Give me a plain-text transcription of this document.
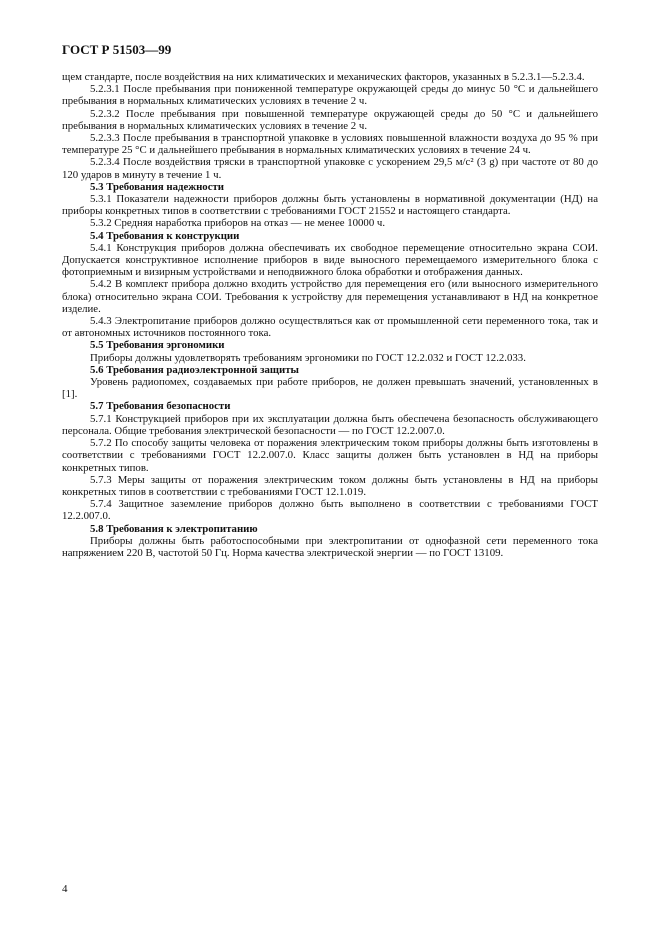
ГОСТ Р 51503—99

щем стандарте, после воздействия на них климатических и механических факторов, указанных в 5.2.3.1—5.2.3.4.

5.2.3.1 После пребывания при пониженной температуре окружающей среды до минус 50 °С и дальнейшего пребывания в нормальных климатических условиях в течение 2 ч.

5.2.3.2 После пребывания при повышенной температуре окружающей среды до 50 °С и дальнейшего пребывания в нормальных климатических условиях в течение 2 ч.

5.2.3.3 После пребывания в транспортной упаковке в условиях повышенной влажности воздуха до 95 % при температуре 25 °С и дальнейшего пребывания в нормальных климатических условиях в течение 24 ч.

5.2.3.4 После воздействия тряски в транспортной упаковке с ускорением 29,5 м/с² (3 g) при частоте от 80 до 120 ударов в минуту в течение 1 ч.

5.3 Требования надежности

5.3.1 Показатели надежности приборов должны быть установлены в нормативной документации (НД) на приборы конкретных типов в соответствии с требованиями ГОСТ 21552 и настоящего стандарта.

5.3.2 Средняя наработка приборов на отказ — не менее 10000 ч.

5.4 Требования к конструкции

5.4.1 Конструкция приборов должна обеспечивать их свободное перемещение относительно экрана СОИ. Допускается конструктивное исполнение приборов в виде выносного перемещаемого измерительного блока с фотоприемным и визирным устройствами и неподвижного блока обработки и отображения данных.

5.4.2 В комплект прибора должно входить устройство для перемещения его (или выносного измерительного блока) относительно экрана СОИ. Требования к устройству для перемещения устанавливают в НД на конкретное изделие.

5.4.3 Электропитание приборов должно осуществляться как от промышленной сети переменного тока, так и от автономных источников постоянного тока.

5.5 Требования эргономики

Приборы должны удовлетворять требованиям эргономики по ГОСТ 12.2.032 и ГОСТ 12.2.033.

5.6 Требования радиоэлектронной защиты

Уровень радиопомех, создаваемых при работе приборов, не должен превышать значений, установленных в [1].

5.7 Требования безопасности

5.7.1 Конструкцией приборов при их эксплуатации должна быть обеспечена безопасность обслуживающего персонала. Общие требования электрической безопасности — по ГОСТ 12.2.007.0.

5.7.2 По способу защиты человека от поражения электрическим током приборы должны быть изготовлены в соответствии с требованиями ГОСТ 12.2.007.0. Класс защиты должен быть установлен в НД на приборы конкретных типов.

5.7.3 Меры защиты от поражения электрическим током должны быть установлены в НД на приборы конкретных типов в соответствии с требованиями ГОСТ 12.1.019.

5.7.4 Защитное заземление приборов должно быть выполнено в соответствии с требованиями ГОСТ 12.2.007.0.

5.8 Требования к электропитанию

Приборы должны быть работоспособными при электропитании от однофазной сети переменного тока напряжением 220 В, частотой 50 Гц. Норма качества электрической энергии — по ГОСТ 13109.

4
